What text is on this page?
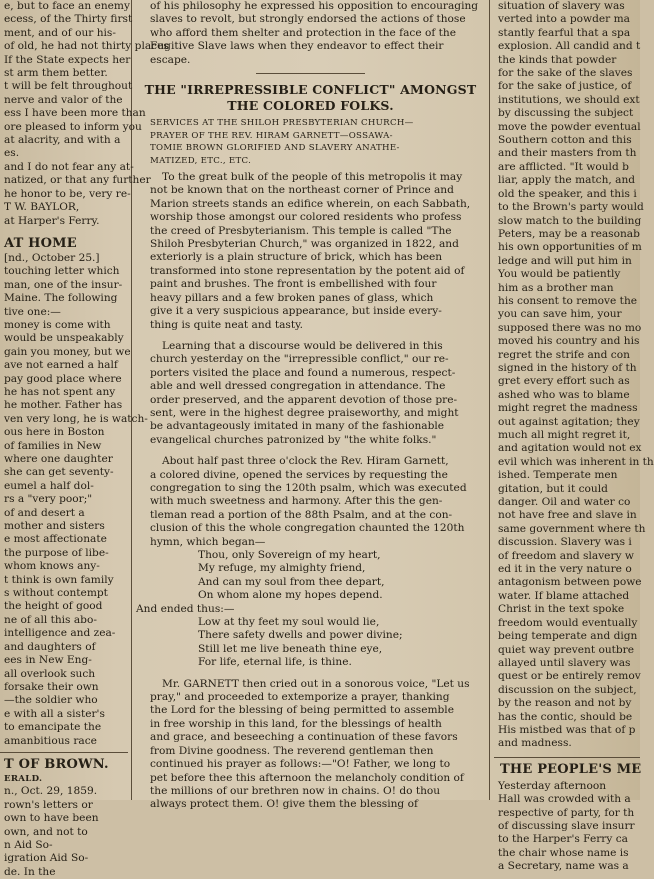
e, but to face an enemy
ecess, of the Thirty first
ment, and of our his-
of old, he had not thirty places
If the State expects her
st arm them better.
t will be felt throughout
nerve and valor of the
ess I have been more than
ore pleased to inform you
at alacrity, and with a
es.
and I do not fear any at-
natized, or that any further
he honor to be, very re-
T W. BAYLOR,
at Harper's Ferry.
AT HOME
[nd., October 25.]
touching letter which
man, one of the insur-
Maine. The following
tive one:—
money is come with
would be unspeakably
gain you money, but we
ave not earned a half
pay good place where
he has not spent any
he mother. Father has
ven very long, he is watch-
ous here in Boston
of families in New
where one daughter
she can get seventy-
eumel a half dol-
rs a "very poor;"
of and desert a
mother and sisters
e most affectionate
the purpose of libe-
whom knows any-
t think is own family
s without contempt
the height of good
ne of all this abo-
intelligence and zea-
and daughters of
ees in New Eng-
all overlook such
forsake their own
—the soldier who
e with all a sister's
to emancipate the
amanbitious race
T OF BROWN.
ERALD.
n., Oct. 29, 1859.
rown's letters or
own to have been
own, and not to
n Aid So-
igration Aid So-
de. In the
of his philosophy he expressed his opposition to encouraging
slaves to revolt, but strongly endorsed the actions of those
who afford them shelter and protection in the face of the
Fugitive Slave laws when they endeavor to effect their
escape.
THE "IRREPRESSIBLE CONFLICT" AMONGST
THE COLORED FOLKS.
SERVICES AT THE SHILOH PRESBYTERIAN CHURCH—
PRAYER OF THE REV. HIRAM GARNETT—OSSAWA-
TOMIE BROWN GLORIFIED AND SLAVERY ANATHE-
MATIZED, ETC., ETC.
To the great bulk of the people of this metropolis it may
not be known that on the northeast corner of Prince and
Marion streets stands an edifice wherein, on each Sabbath,
worship those amongst our colored residents who profess
the creed of Presbyterianism. This temple is called "The
Shiloh Presbyterian Church," was organized in 1822, and
exteriorly is a plain structure of brick, which has been
transformed into stone representation by the potent aid of
paint and brushes. The front is embellished with four
heavy pillars and a few broken panes of glass, which
give it a very suspicious appearance, but inside every-
thing is quite neat and tasty.
Learning that a discourse would be delivered in this
church yesterday on the "irrepressible conflict," our re-
porters visited the place and found a numerous, respect-
able and well dressed congregation in attendance. The
order preserved, and the apparent devotion of those pre-
sent, were in the highest degree praiseworthy, and might
be advantageously imitated in many of the fashionable
evangelical churches patronized by "the white folks."
About half past three o'clock the Rev. Hiram Garnett,
a colored divine, opened the services by requesting the
congregation to sing the 120th psalm, which was executed
with much sweetness and harmony. After this the gen-
tleman read a portion of the 88th Psalm, and at the con-
clusion of this the whole congregation chaunted the 120th
hymn, which began—
Thou, only Sovereign of my heart,
My refuge, my almighty friend,
And can my soul from thee depart,
On whom alone my hopes depend.
And ended thus:—
Low at thy feet my soul would lie,
There safety dwells and power divine;
Still let me live beneath thine eye,
For life, eternal life, is thine.
Mr. GARNETT then cried out in a sonorous voice, "Let us
pray," and proceeded to extemporize a prayer, thanking
the Lord for the blessing of being permitted to assemble
in free worship in this land, for the blessings of health
and grace, and beseeching a continuation of these favors
from Divine goodness. The reverend gentleman then
continued his prayer as follows:—"O! Father, we long to
pet before thee this afternoon the melancholy condition of
the millions of our brethren now in chains. O! do thou
always protect them. O! give them the blessing of
situation of slavery was
verted into a powder ma
stantly fearful that a spa
explosion. All candid and t
the kinds that powder
for the sake of the slaves
for the sake of justice, of
institutions, we should ext
by discussing the subject
move the powder eventual
Southern cotton and this
and their masters from th
are afflicted. "It would b
liar, apply the match, and
old the speaker, and this i
to the Brown's party would
slow match to the building
Peters, may be a reasonab
his own opportunities of m
ledge and will put him in
You would be patiently
him as a brother man
his consent to remove the
you can save him, your
supposed there was no mo
moved his country and his
regret the strife and con
signed in the history of th
gret every effort such as
ashed who was to blame
might regret the madness
out against agitation; they
much all might regret it,
and agitation would not ex
evil which was inherent in th
ished. Temperate men
gitation, but it could
danger. Oil and water co
not have free and slave in
same government where th
discussion. Slavery was i
of freedom and slavery w
ed it in the very nature o
antagonism between powe
water. If blame attached
Christ in the text spoke
freedom would eventually
being temperate and dign
quiet way prevent outbre
allayed until slavery was
quest or be entirely remov
discussion on the subject,
by the reason and not by
has the contic, should be
His mistbed was that of p
and madness.
THE PEOPLE'S ME
Yesterday afternoon
Hall was crowded with a
respective of party, for th
of discussing slave insurr
to the Harper's Ferry ca
the chair whose name is
a Secretary, name was a
